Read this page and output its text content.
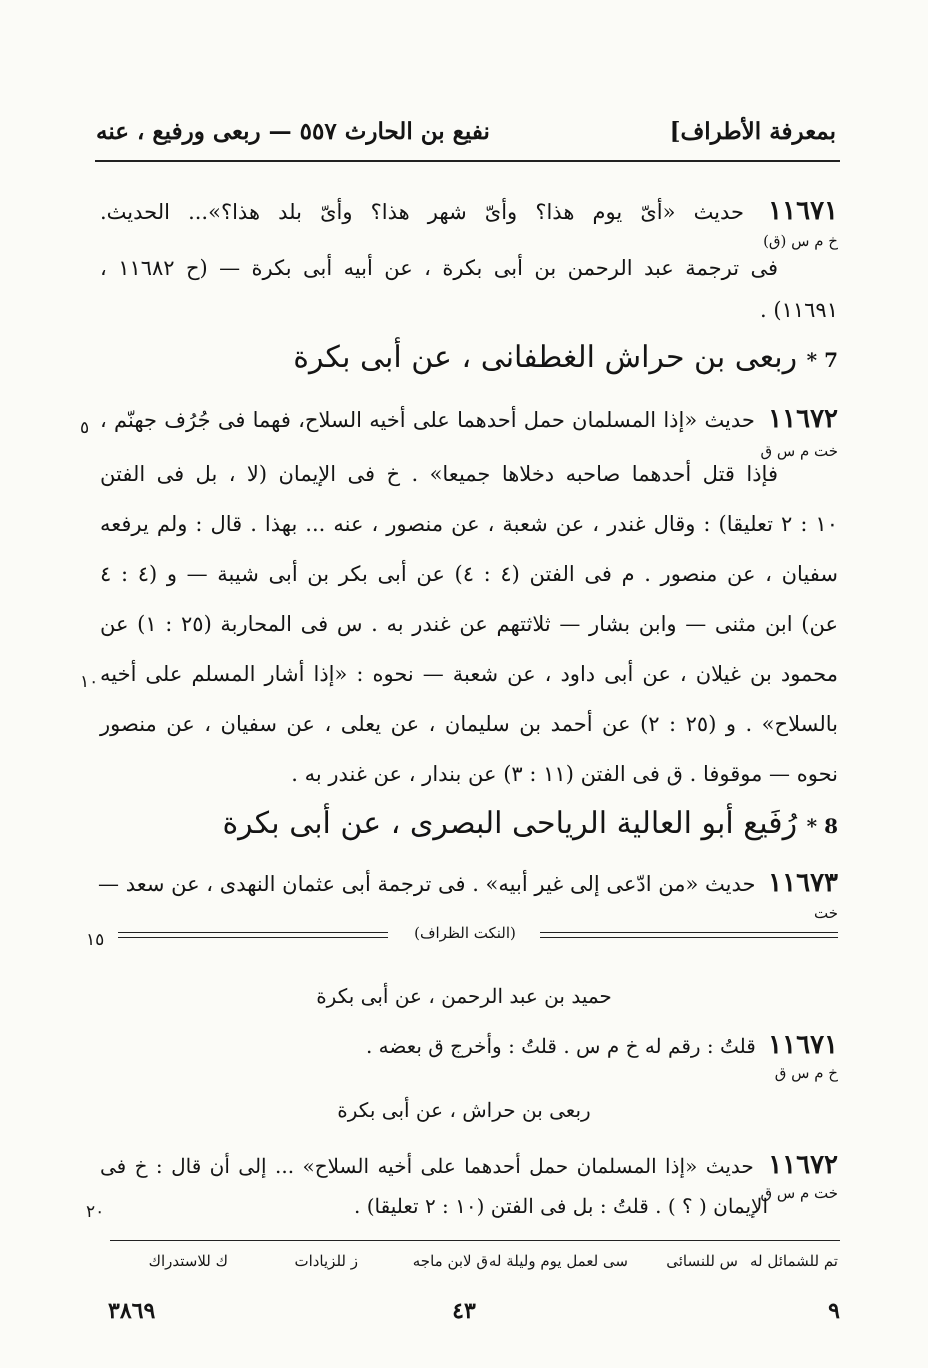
بمعرفة الأطراف]
نفيع بن الحارث ٥٥٧ — ربعى ورفيع ، عنه
١١٦٧١ حديث «أىّ يوم هذا؟ وأىّ شهر هذا؟ وأىّ بلد هذا؟»... الحديث.
خ م س (ق)
فى ترجمة عبد الرحمن بن أبى بكرة ، عن أبيه أبى بكرة — (ح ١١٦٨٢ ،
١١٦٩١) .
7 * ربعى بن حراش الغطفانى ، عن أبى بكرة
١١٦٧٢ حديث «إذا المسلمان حمل أحدهما على أخيه السلاح، فهما فى جُرُف جهنّم ،
٥
خت م س ق
فإذا قتل أحدهما صاحبه دخلاها جميعا» . خ فى الإيمان (لا ، بل فى الفتن
١٠ : ٢ تعليقا) : وقال غندر ، عن شعبة ، عن منصور ، عنه ... بهذا . قال : ولم يرفعه
سفيان ، عن منصور . م فى الفتن (٤ : ٤) عن أبى بكر بن أبى شيبة — و (٤ : ٤
عن) ابن مثنى — وابن بشار — ثلاثتهم عن غندر به . س فى المحاربة (٢٥ : ١) عن
محمود بن غيلان ، عن أبى داود ، عن شعبة — نحوه : «إذا أشار المسلم على أخيه
١٠
بالسلاح» . و (٢٥ : ٢) عن أحمد بن سليمان ، عن يعلى ، عن سفيان ، عن منصور
نحوه — موقوفا . ق فى الفتن (١١ : ٣) عن بندار ، عن غندر به .
8 * رُفَيع أبو العالية الرياحى البصرى ، عن أبى بكرة
١١٦٧٣ حديث «من ادّعى إلى غير أبيه» . فى ترجمة أبى عثمان النهدى ، عن سعد —
خت
(النكت الظراف)
١٥
حميد بن عبد الرحمن ، عن أبى بكرة
١١٦٧١ قلتُ : رقم له خ م س . قلتُ : وأخرج ق بعضه .
خ م س ق
ربعى بن حراش ، عن أبى بكرة
١١٦٧٢ حديث «إذا المسلمان حمل أحدهما على أخيه السلاح» ... إلى أن قال : خ فى
خت م س ق
الإيمان ( ؟ ) . قلتُ : بل فى الفتن (١٠ : ٢ تعليقا) .
٢٠
تم للشمائل له
س للنسائى
سى لعمل يوم وليلة له
ق لابن ماجه
ز للزيادات
ك للاستدراك
٣٨٦٩	٤٣	٩
